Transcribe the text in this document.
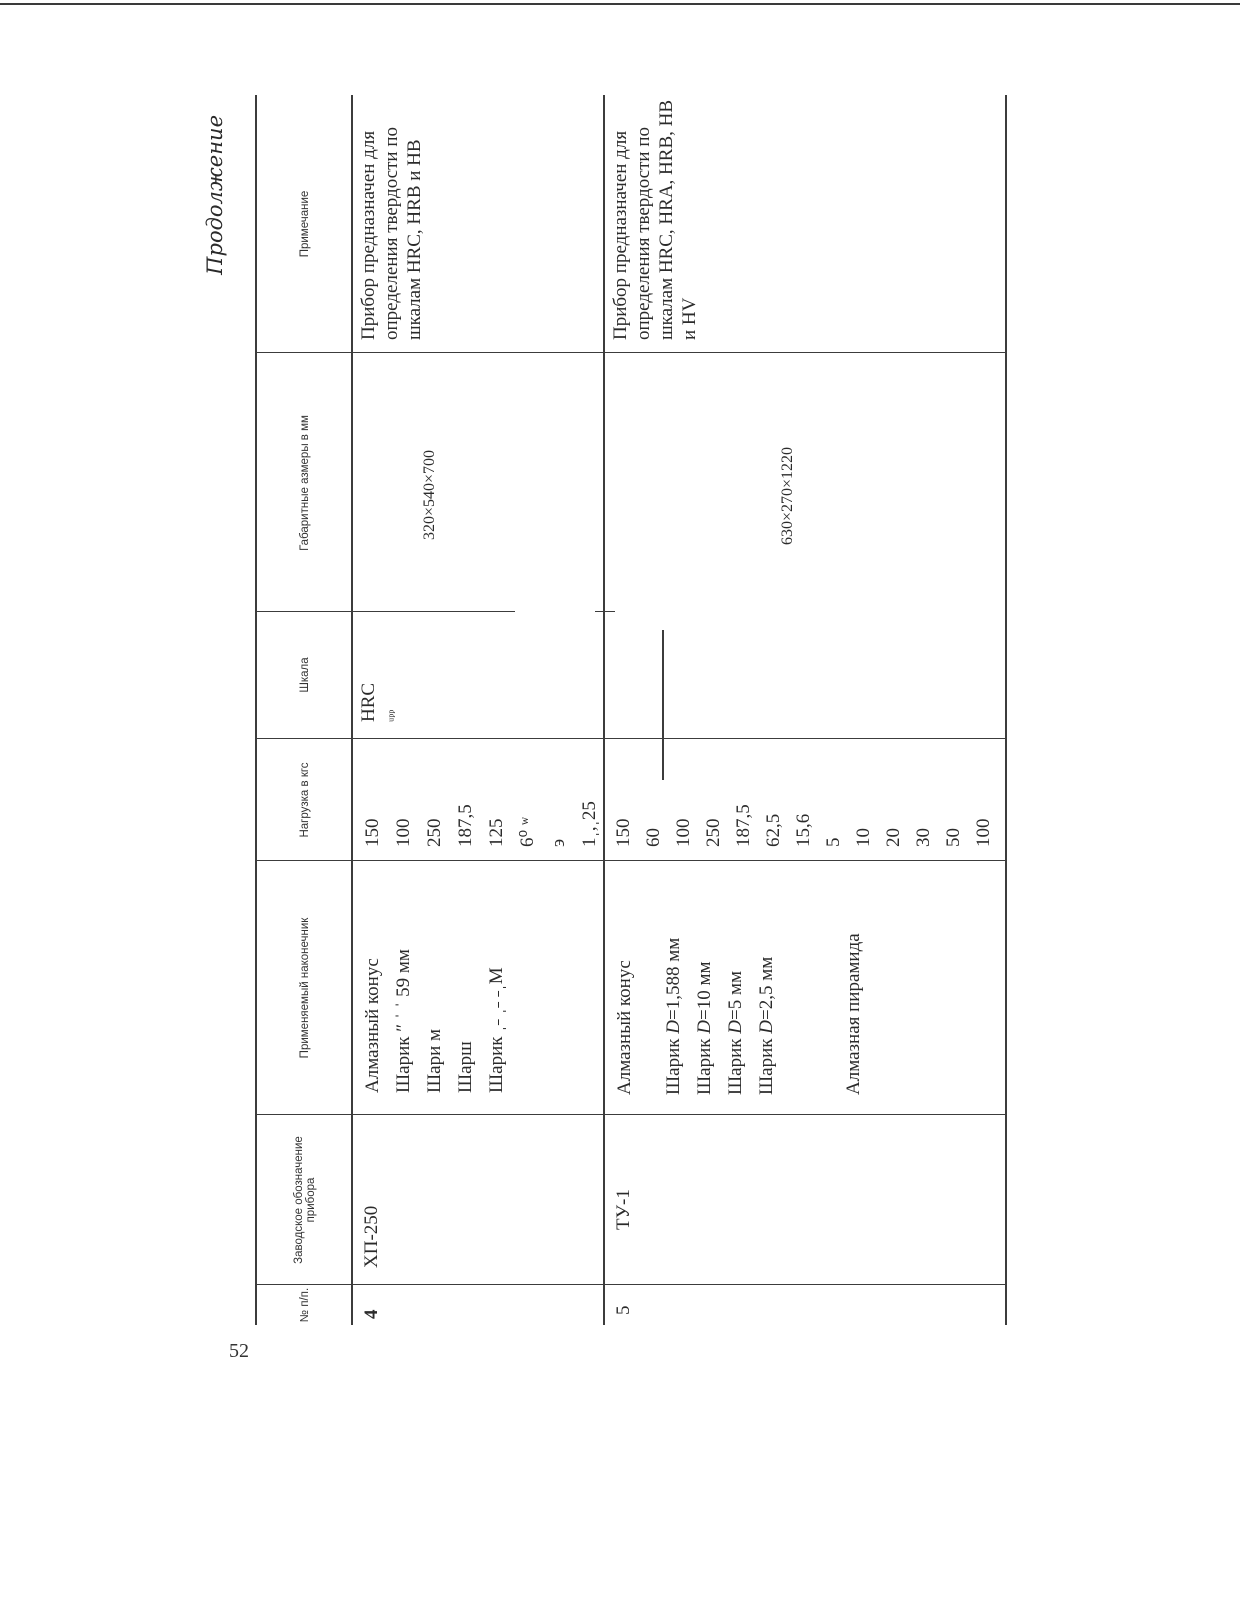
52
Продолжение
№ п/п.
Заводское обозначение прибора
Применяемый наконечник
Нагрузка в кгс
Шкала
Габаритные азмеры в мм
Примечание
4
ХП-250
Алмазный конус Шарик ″ ˈ ˈ 59 мм Шари м Шарш Шарик ˌ˗ ˌ˗ ˗ˌM
150 100 250 187,5 125 6⁰ ʷ э 1ˌ,ˌ25
HRC ᵘᵖᵖ
320×540×700
Прибор предназначен для определения твердости по шкалам HRC, HRB и HB
5
ТУ-1
Алмазный конус Шарик D=1,588 мм
Шарик D=10 мм
Шарик D=5 мм
Шарик D=2,5 мм	Алмазная пирамида
150 60 100 250 187,5 62,5 15,6 5 10 20 30 50 100
630×270×1220
Прибор предназначен для определения твердости по шкалам HRC, HRA, HRB, HB и HV
